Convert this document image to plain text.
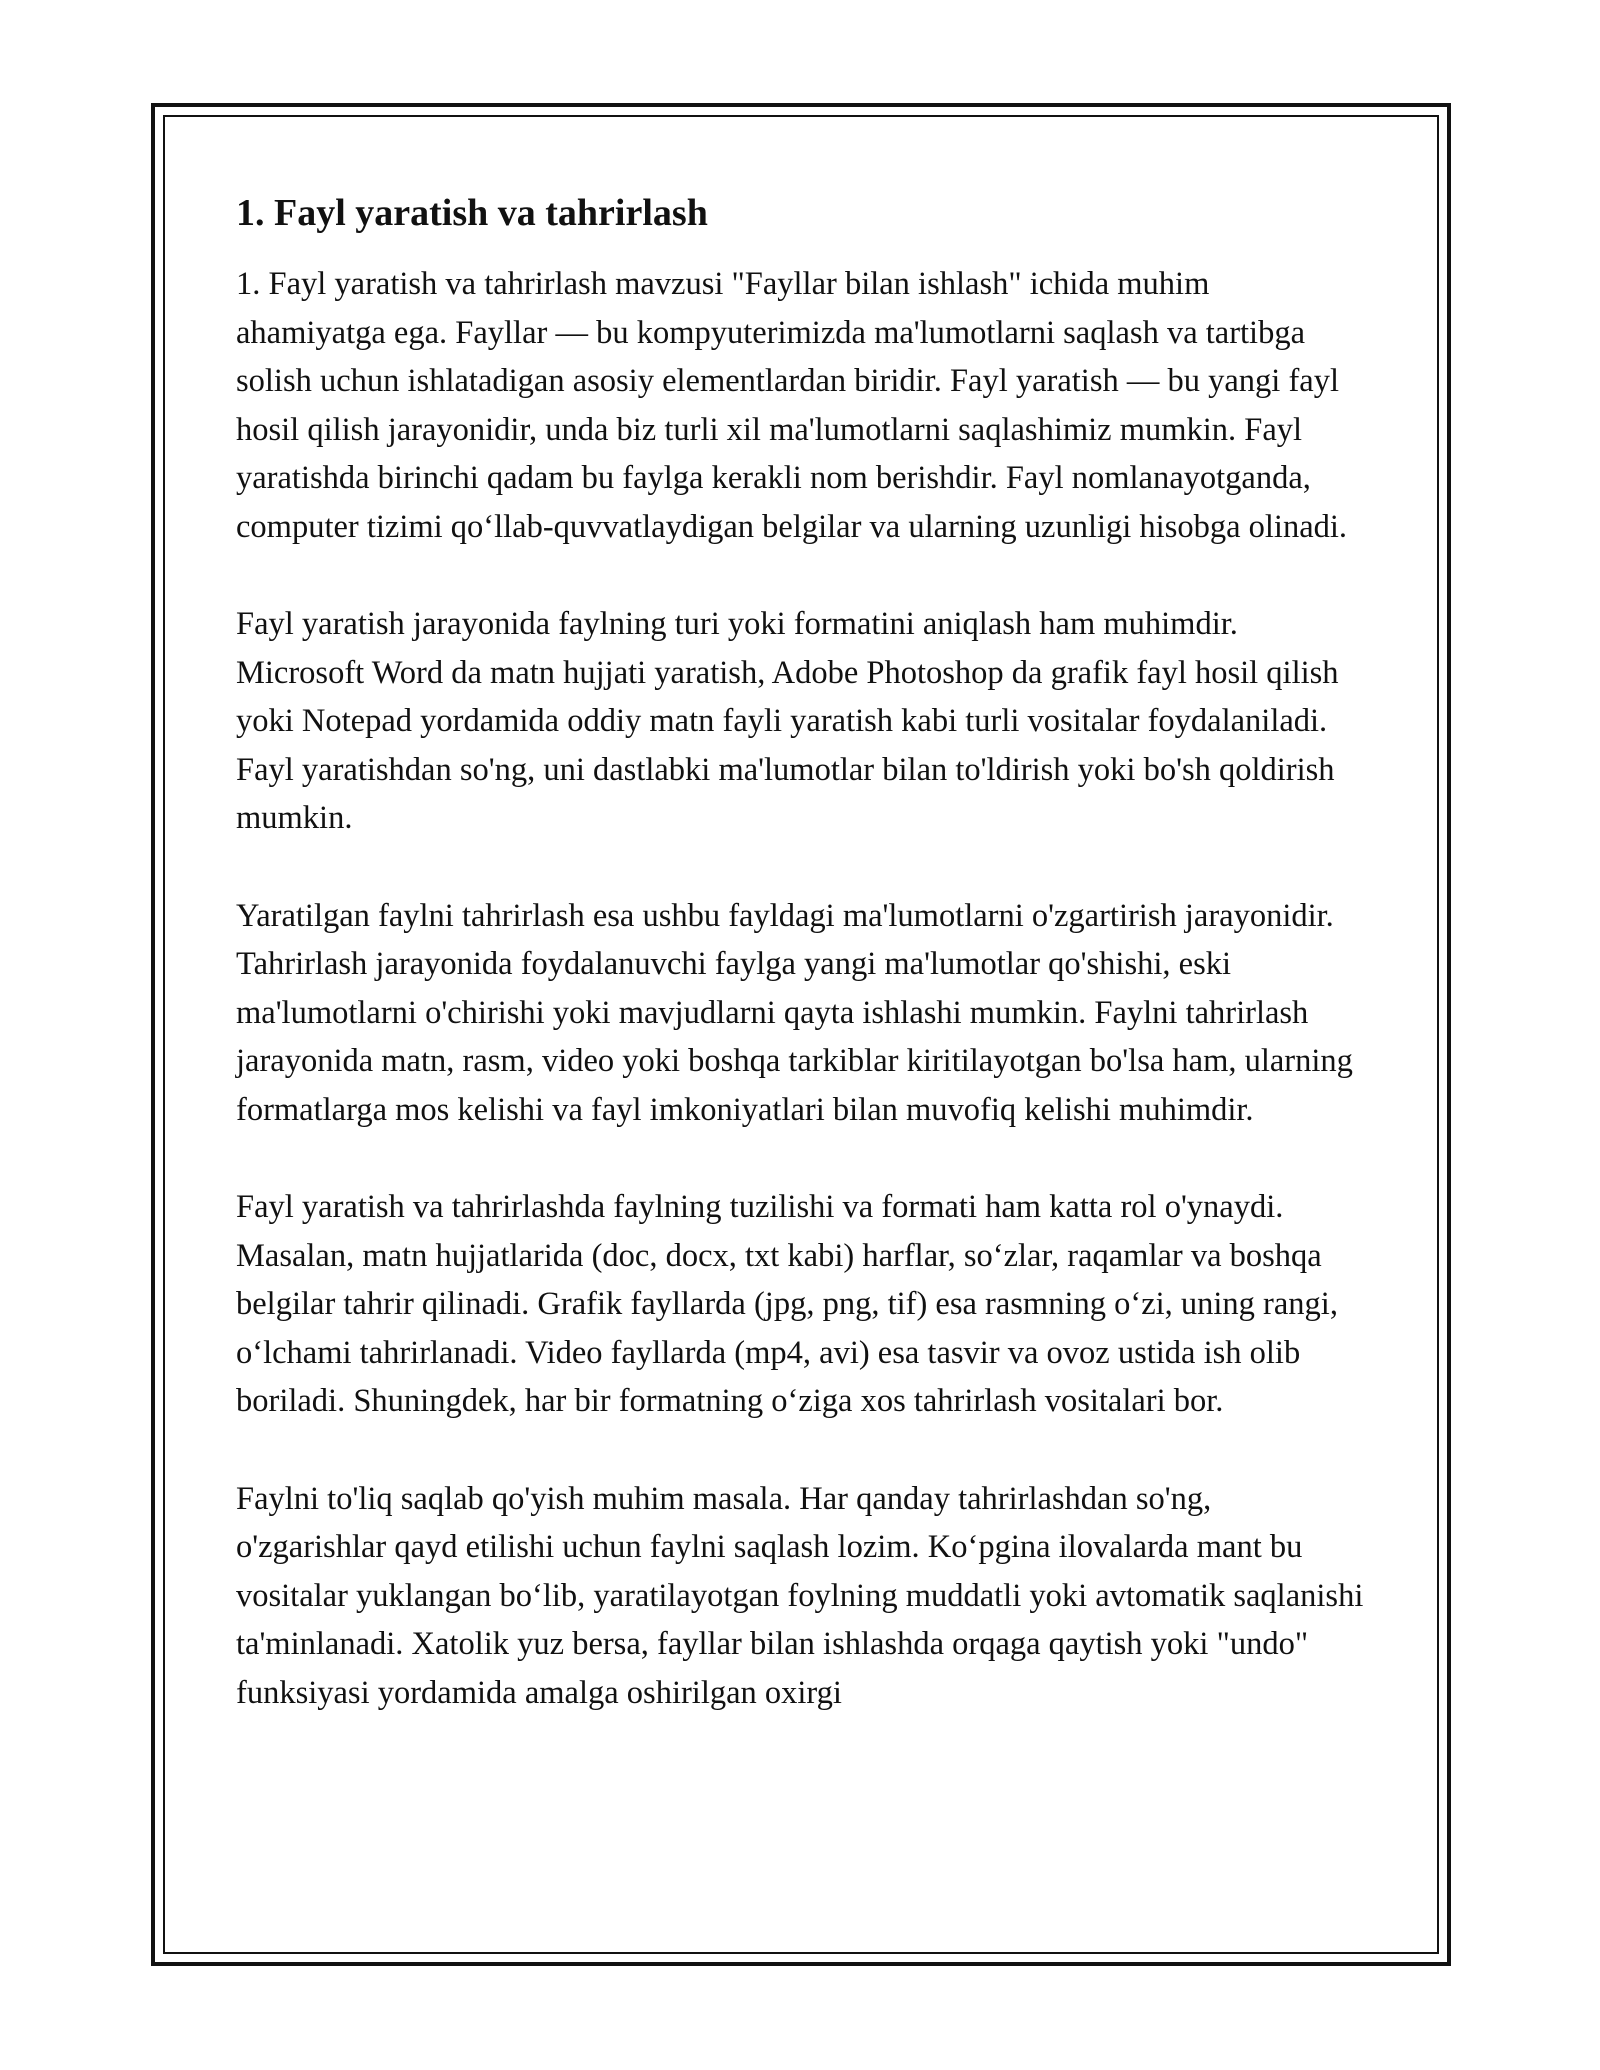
1. Fayl yaratish va tahrirlash

1. Fayl yaratish va tahrirlash mavzusi "Fayllar bilan ishlash" ichida muhim ahamiyatga ega. Fayllar — bu kompyuterimizda ma'lumotlarni saqlash va tartibga solish uchun ishlatadigan asosiy elementlardan biridir. Fayl yaratish — bu yangi fayl hosil qilish jarayonidir, unda biz turli xil ma'lumotlarni saqlashimiz mumkin. Fayl yaratishda birinchi qadam bu faylga kerakli nom berishdir. Fayl nomlanayotganda, computer tizimi qoʻllab-quvvatlaydigan belgilar va ularning uzunligi hisobga olinadi.

Fayl yaratish jarayonida faylning turi yoki formatini aniqlash ham muhimdir. Microsoft Word da matn hujjati yaratish, Adobe Photoshop da grafik fayl hosil qilish yoki Notepad yordamida oddiy matn fayli yaratish kabi turli vositalar foydalaniladi. Fayl yaratishdan so'ng, uni dastlabki ma'lumotlar bilan to'ldirish yoki bo'sh qoldirish mumkin.

Yaratilgan faylni tahrirlash esa ushbu fayldagi ma'lumotlarni o'zgartirish jarayonidir. Tahrirlash jarayonida foydalanuvchi faylga yangi ma'lumotlar qo'shishi, eski ma'lumotlarni o'chirishi yoki mavjudlarni qayta ishlashi mumkin. Faylni tahrirlash jarayonida matn, rasm, video yoki boshqa tarkiblar kiritilayotgan bo'lsa ham, ularning formatlarga mos kelishi va fayl imkoniyatlari bilan muvofiq kelishi muhimdir.

Fayl yaratish va tahrirlashda faylning tuzilishi va formati ham katta rol o'ynaydi. Masalan, matn hujjatlarida (doc, docx, txt kabi) harflar, soʻzlar, raqamlar va boshqa belgilar tahrir qilinadi. Grafik fayllarda (jpg, png, tif) esa rasmning oʻzi, uning rangi, oʻlchami tahrirlanadi. Video fayllarda (mp4, avi) esa tasvir va ovoz ustida ish olib boriladi. Shuningdek, har bir formatning oʻziga xos tahrirlash vositalari bor.

Faylni to'liq saqlab qo'yish muhim masala. Har qanday tahrirlashdan so'ng, o'zgarishlar qayd etilishi uchun faylni saqlash lozim. Koʻpgina ilovalarda mant bu vositalar yuklangan boʻlib, yaratilayotgan foylning muddatli yoki avtomatik saqlanishi ta'minlanadi. Xatolik yuz bersa, fayllar bilan ishlashda orqaga qaytish yoki "undo" funksiyasi yordamida amalga oshirilgan oxirgi
